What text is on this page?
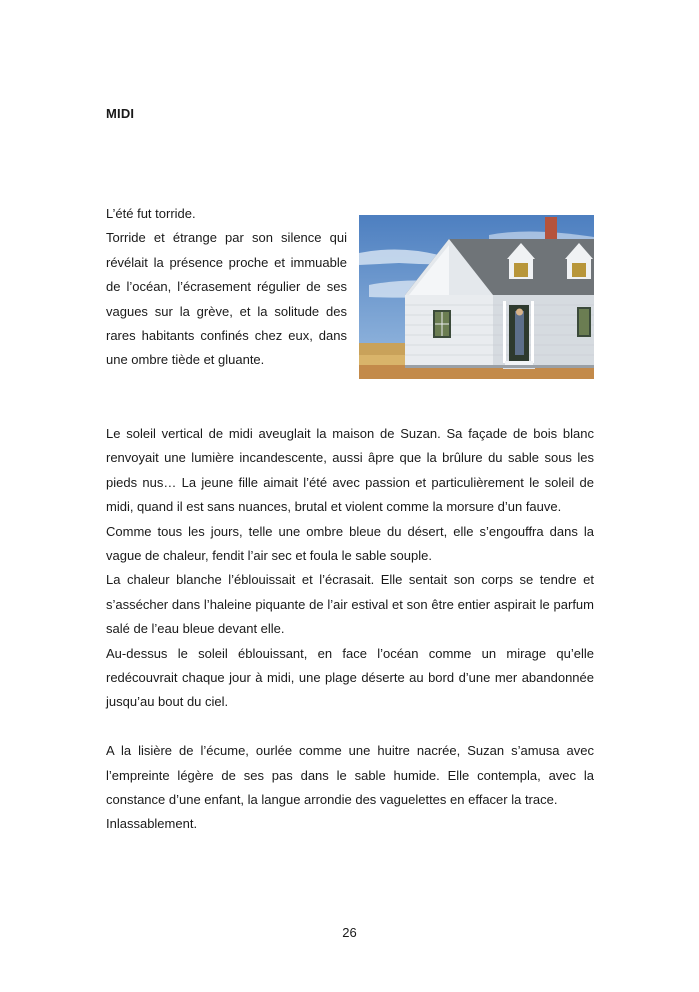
MIDI

L’été fut torride.

Torride et étrange par son silence qui révélait la présence proche et immuable de l’océan, l’écrasement régulier de ses vagues sur la grève, et la solitude des rares habitants confinés chez eux, dans une ombre tiède et gluante.

Le soleil vertical de midi aveuglait la maison de Suzan. Sa façade de bois blanc renvoyait une lumière incandescente, aussi âpre que la brûlure du sable sous les pieds nus… La jeune fille aimait l’été avec passion et particulièrement le soleil de midi, quand il est sans nuances, brutal et violent comme la morsure d’un fauve.

Comme tous les jours, telle une ombre bleue du désert, elle s’engouffra dans la vague de chaleur, fendit l’air sec et foula le sable souple.

La chaleur blanche l’éblouissait et l’écrasait. Elle sentait son corps se tendre et s’assécher dans l’haleine piquante de l’air estival et son être entier aspirait le parfum salé de l’eau bleue devant elle.

Au-dessus le soleil éblouissant, en face l’océan comme un mirage qu’elle redécouvrait chaque jour à midi, une plage déserte au bord d’une mer abandonnée jusqu’au bout du ciel.

A la lisière de l’écume, ourlée comme une huitre nacrée, Suzan s’amusa avec l’empreinte légère de ses pas dans le sable humide. Elle contempla, avec la constance d’une enfant, la langue arrondie des vaguelettes en effacer la trace.

Inlassablement.

26
